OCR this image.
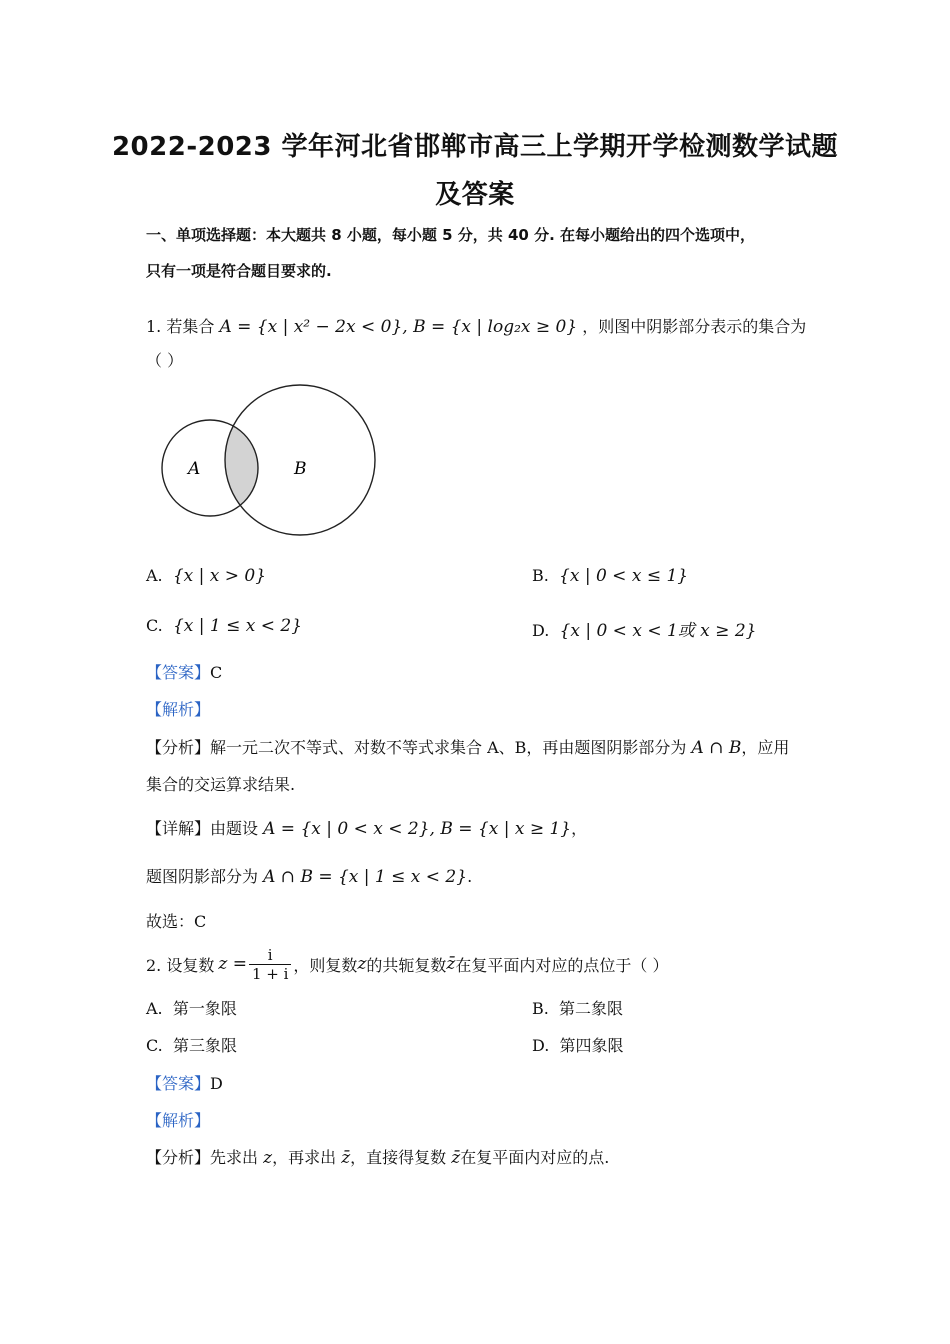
2022-2023 学年河北省邯郸市高三上学期开学检测数学试题
及答案
一、单项选择题：本大题共 8 小题，每小题 5 分，共 40 分. 在每小题给出的四个选项中，
只有一项是符合题目要求的.
1. 若集合 A = {x | x² − 2x < 0}, B = {x | log₂x ≥ 0} ，则图中阴影部分表示的集合为
（ ）
A	B
A. {x | x > 0}	B. {x | 0 < x ≤ 1}
C. {x | 1 ≤ x < 2}	D. {x | 0 < x < 1或 x ≥ 2}
【答案】C
【解析】
【分析】解一元二次不等式、对数不等式求集合 A、B，再由题图阴影部分为 A ∩ B，应用
集合的交运算求结果.
【详解】由题设 A = {x | 0 < x < 2}, B = {x | x ≥ 1}，
题图阴影部分为 A ∩ B = {x | 1 ≤ x < 2}.
故选：C
2. 设复数 $z = \frac{i}{1 + i}$ ，则复数 z 的共轭复数 z̄ 在复平面内对应的点位于（ ）
A. 第一象限	B. 第二象限
C. 第三象限	D. 第四象限
【答案】D
【解析】
【分析】先求出 z，再求出 z̄，直接得复数 z̄在复平面内对应的点.
